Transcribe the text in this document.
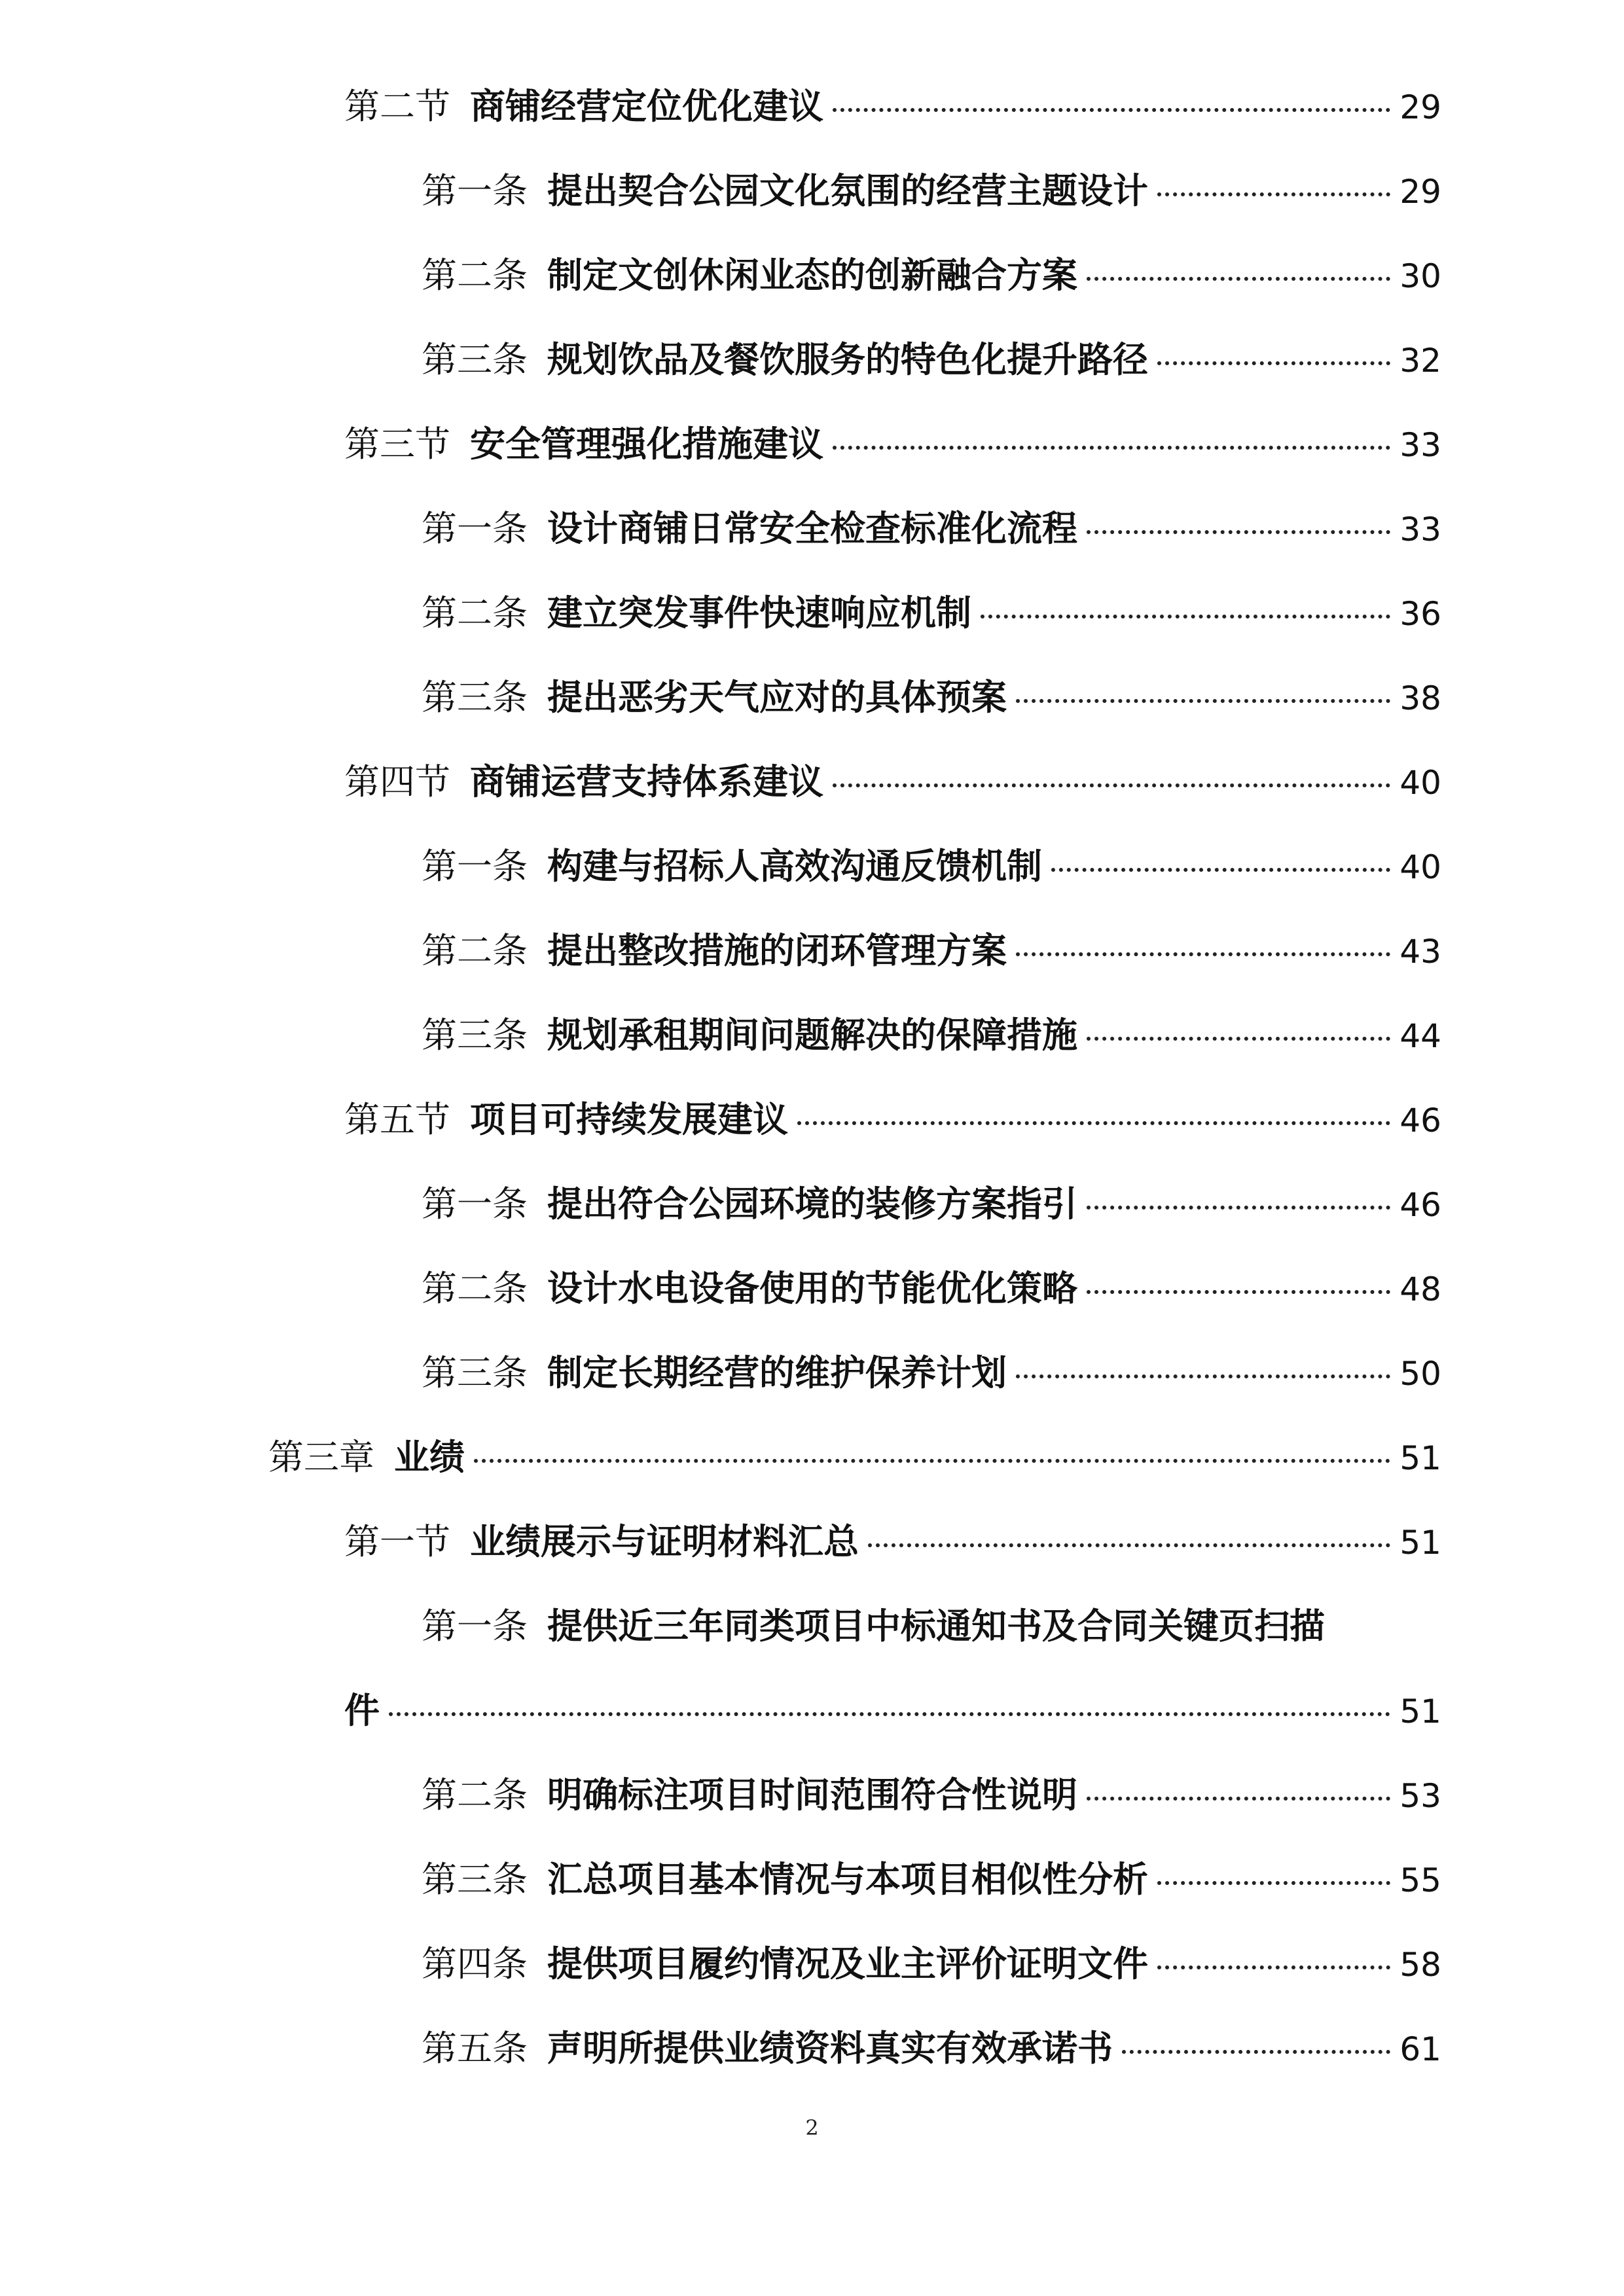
第二节 商铺经营定位优化建议	29
第一条 提出契合公园文化氛围的经营主题设计	29
第二条 制定文创休闲业态的创新融合方案	30
第三条 规划饮品及餐饮服务的特色化提升路径	32
第三节 安全管理强化措施建议	33
第一条 设计商铺日常安全检查标准化流程	33
第二条 建立突发事件快速响应机制	36
第三条 提出恶劣天气应对的具体预案	38
第四节 商铺运营支持体系建议	40
第一条 构建与招标人高效沟通反馈机制	40
第二条 提出整改措施的闭环管理方案	43
第三条 规划承租期间问题解决的保障措施	44
第五节 项目可持续发展建议	46
第一条 提出符合公园环境的装修方案指引	46
第二条 设计水电设备使用的节能优化策略	48
第三条 制定长期经营的维护保养计划	50
第三章 业绩	51
第一节 业绩展示与证明材料汇总	51
第一条 提供近三年同类项目中标通知书及合同关键页扫描
件	51
第二条 明确标注项目时间范围符合性说明	53
第三条 汇总项目基本情况与本项目相似性分析	55
第四条 提供项目履约情况及业主评价证明文件	58
第五条 声明所提供业绩资料真实有效承诺书	61
2
